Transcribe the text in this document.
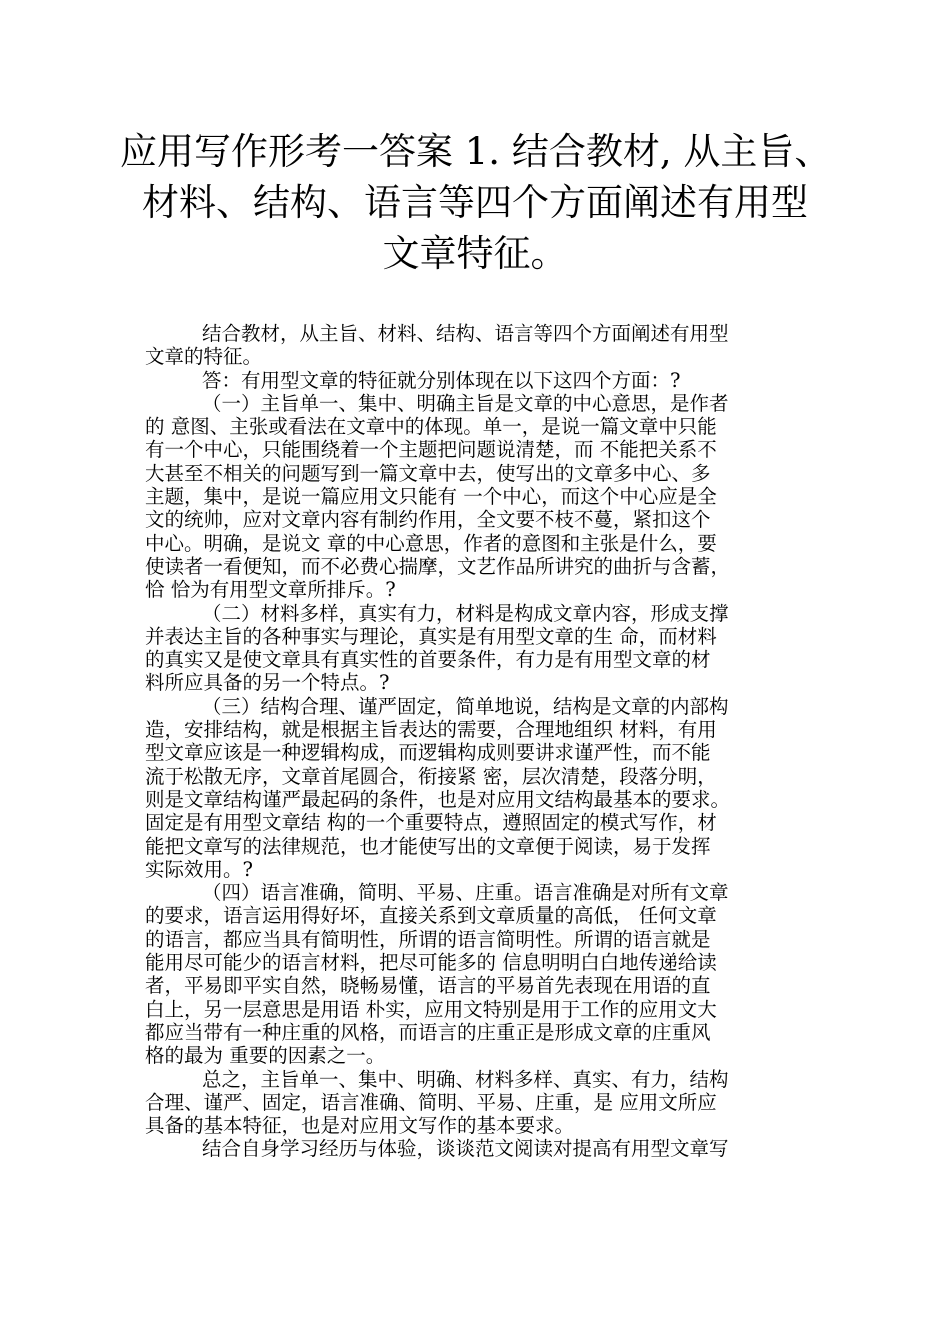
应用写作形考一答案 1. 结合教材, 从主旨、
材料、结构、语言等四个方面阐述有用型
文章特征。

结合教材，从主旨、材料、结构、语言等四个方面阐述有用型
文章的特征。

答：有用型文章的特征就分别体现在以下这四个方面：?

（一）主旨单一、集中、明确主旨是文章的中心意思，是作者
的 意图、主张或看法在文章中的体现。单一，是说一篇文章中只能
有一个中心，只能围绕着一个主题把问题说清楚，而 不能把关系不
大甚至不相关的问题写到一篇文章中去，使写出的文章多中心、多
主题，集中，是说一篇应用文只能有 一个中心，而这个中心应是全
文的统帅，应对文章内容有制约作用，全文要不枝不蔓，紧扣这个
中心。明确，是说文 章的中心意思，作者的意图和主张是什么，要
使读者一看便知，而不必费心揣摩，文艺作品所讲究的曲折与含蓄，
恰 恰为有用型文章所排斥。?

（二）材料多样，真实有力，材料是构成文章内容，形成支撑
并表达主旨的各种事实与理论，真实是有用型文章的生 命，而材料
的真实又是使文章具有真实性的首要条件，有力是有用型文章的材
料所应具备的另一个特点。?

（三）结构合理、谨严固定，简单地说，结构是文章的内部构
造，安排结构，就是根据主旨表达的需要，合理地组织 材料，有用
型文章应该是一种逻辑构成，而逻辑构成则要讲求谨严性，而不能
流于松散无序，文章首尾圆合，衔接紧 密，层次清楚，段落分明，
则是文章结构谨严最起码的条件，也是对应用文结构最基本的要求。
固定是有用型文章结 构的一个重要特点，遵照固定的模式写作，材
能把文章写的法律规范，也才能使写出的文章便于阅读，易于发挥
实际效用。?

（四）语言准确，简明、平易、庄重。语言准确是对所有文章
的要求，语言运用得好坏，直接关系到文章质量的高低， 任何文章
的语言，都应当具有简明性，所谓的语言简明性。所谓的语言就是
能用尽可能少的语言材料，把尽可能多的 信息明明白白地传递给读
者，平易即平实自然，晓畅易懂，语言的平易首先表现在用语的直
白上，另一层意思是用语 朴实，应用文特别是用于工作的应用文大
都应当带有一种庄重的风格，而语言的庄重正是形成文章的庄重风
格的最为 重要的因素之一。

总之，主旨单一、集中、明确、材料多样、真实、有力，结构
合理、谨严、固定，语言准确、简明、平易、庄重，是 应用文所应
具备的基本特征，也是对应用文写作的基本要求。

结合自身学习经历与体验，谈谈范文阅读对提高有用型文章写
